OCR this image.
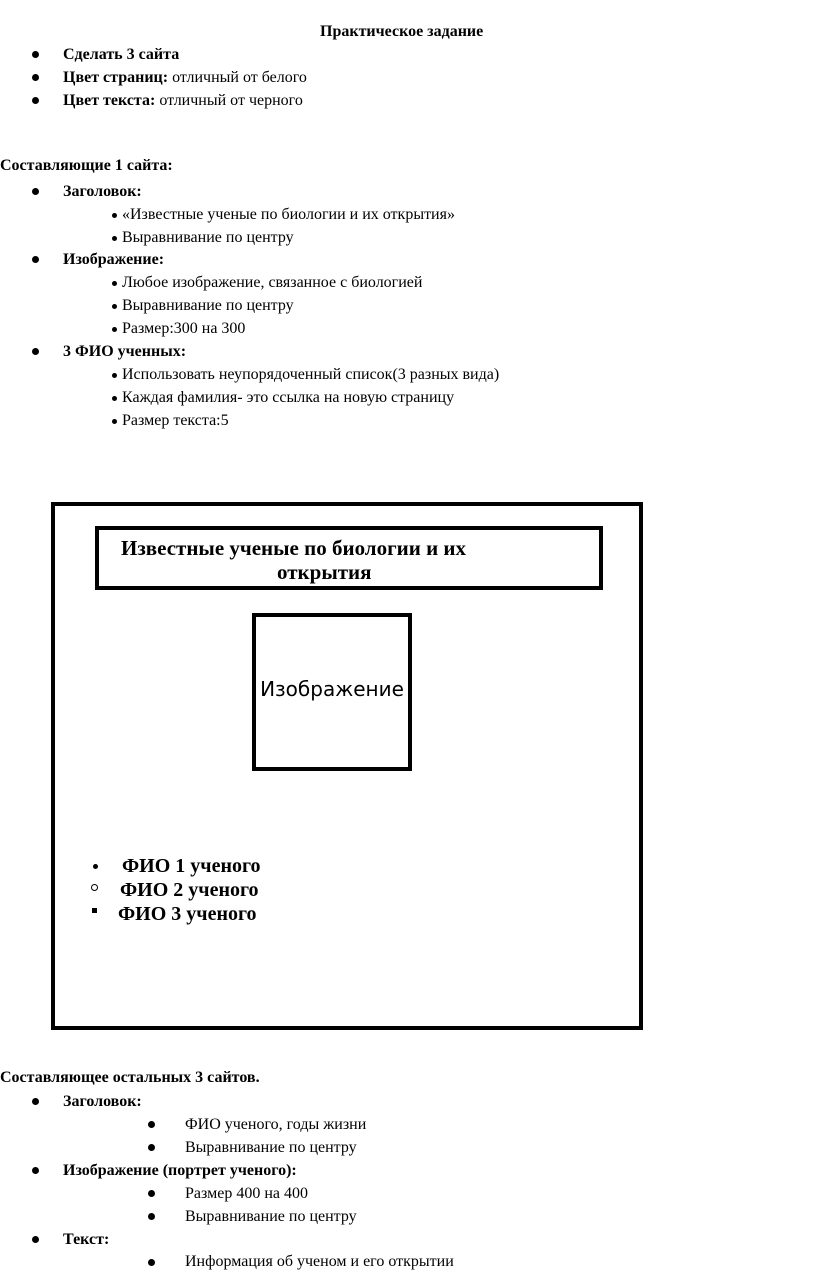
Практическое задание
Сделать 3 сайта
Цвет страниц: отличный от белого
Цвет текста: отличный от черного
Составляющие 1 сайта:
Заголовок:
«Известные ученые по биологии и их открытия»
Выравнивание по центру
Изображение:
Любое изображение, связанное с биологией
Выравнивание по центру
Размер:300 на 300
3 ФИО ученных:
Использовать неупорядоченный список(3 разных вида)
Каждая фамилия- это ссылка на новую страницу
Размер текста:5
Известные ученые по биологии и их
открытия
Изображение
ФИО 1 ученого
ФИО 2 ученого
ФИО 3 ученого
Составляющее остальных 3 сайтов.
Заголовок:
ФИО ученого, годы жизни
Выравнивание по центру
Изображение (портрет ученого):
Размер 400 на 400
Выравнивание по центру
Текст:
Информация об ученом и его открытии
